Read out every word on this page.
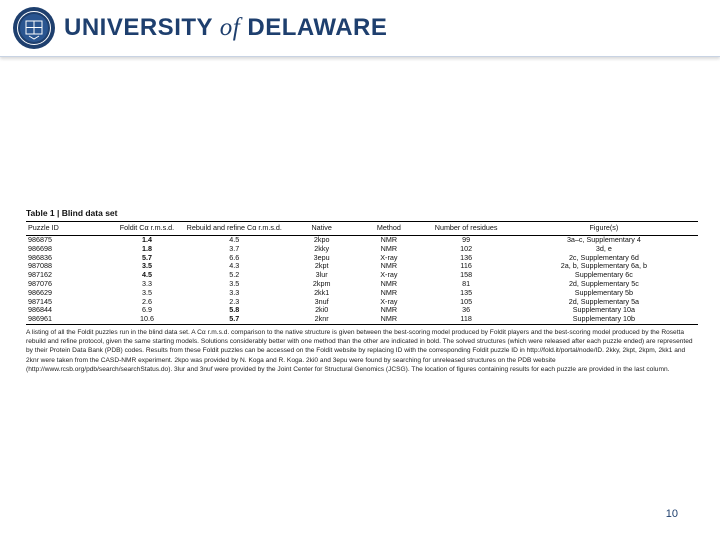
UNIVERSITY of DELAWARE
Table 1 | Blind data set
Puzzle ID	Foldit Cα r.m.s.d.	Rebuild and refine Cα r.m.s.d.	Native	Method	Number of residues	Figure(s)
986875	1.4	4.5	2kpo	NMR	99	3a–c, Supplementary 4
986698	1.8	3.7	2kky	NMR	102	3d, e
986836	5.7	6.6	3epu	X-ray	136	2c, Supplementary 6d
987088	3.5	4.3	2kpt	NMR	116	2a, b, Supplementary 6a, b
987162	4.5	5.2	3lur	X-ray	158	Supplementary 6c
987076	3.3	3.5	2kpm	NMR	81	2d, Supplementary 5c
986629	3.5	3.3	2kk1	NMR	135	Supplementary 5b
987145	2.6	2.3	3nuf	X-ray	105	2d, Supplementary 5a
986844	6.9	5.8	2ki0	NMR	36	Supplementary 10a
986961	10.6	5.7	2knr	NMR	118	Supplementary 10b
A listing of all the Foldit puzzles run in the blind data set. A Cα r.m.s.d. comparison to the native structure is given between the best-scoring model produced by Foldit players and the best-scoring model produced by the Rosetta rebuild and refine protocol, given the same starting models. Solutions considerably better with one method than the other are indicated in bold. The solved structures (which were released after each puzzle ended) are represented by their Protein Data Bank (PDB) codes. Results from these Foldit puzzles can be accessed on the Foldit website by replacing ID with the corresponding Foldit puzzle ID in http://fold.it/portal/node/ID. 2kky, 2kpt, 2kpm, 2kk1 and 2knr were taken from the CASD-NMR experiment. 2kpo was provided by N. Koga and R. Koga. 2ki0 and 3epu were found by searching for unreleased structures on the PDB website (http://www.rcsb.org/pdb/search/searchStatus.do). 3lur and 3nuf were provided by the Joint Center for Structural Genomics (JCSG). The location of figures containing results for each puzzle are provided in the last column.
10
